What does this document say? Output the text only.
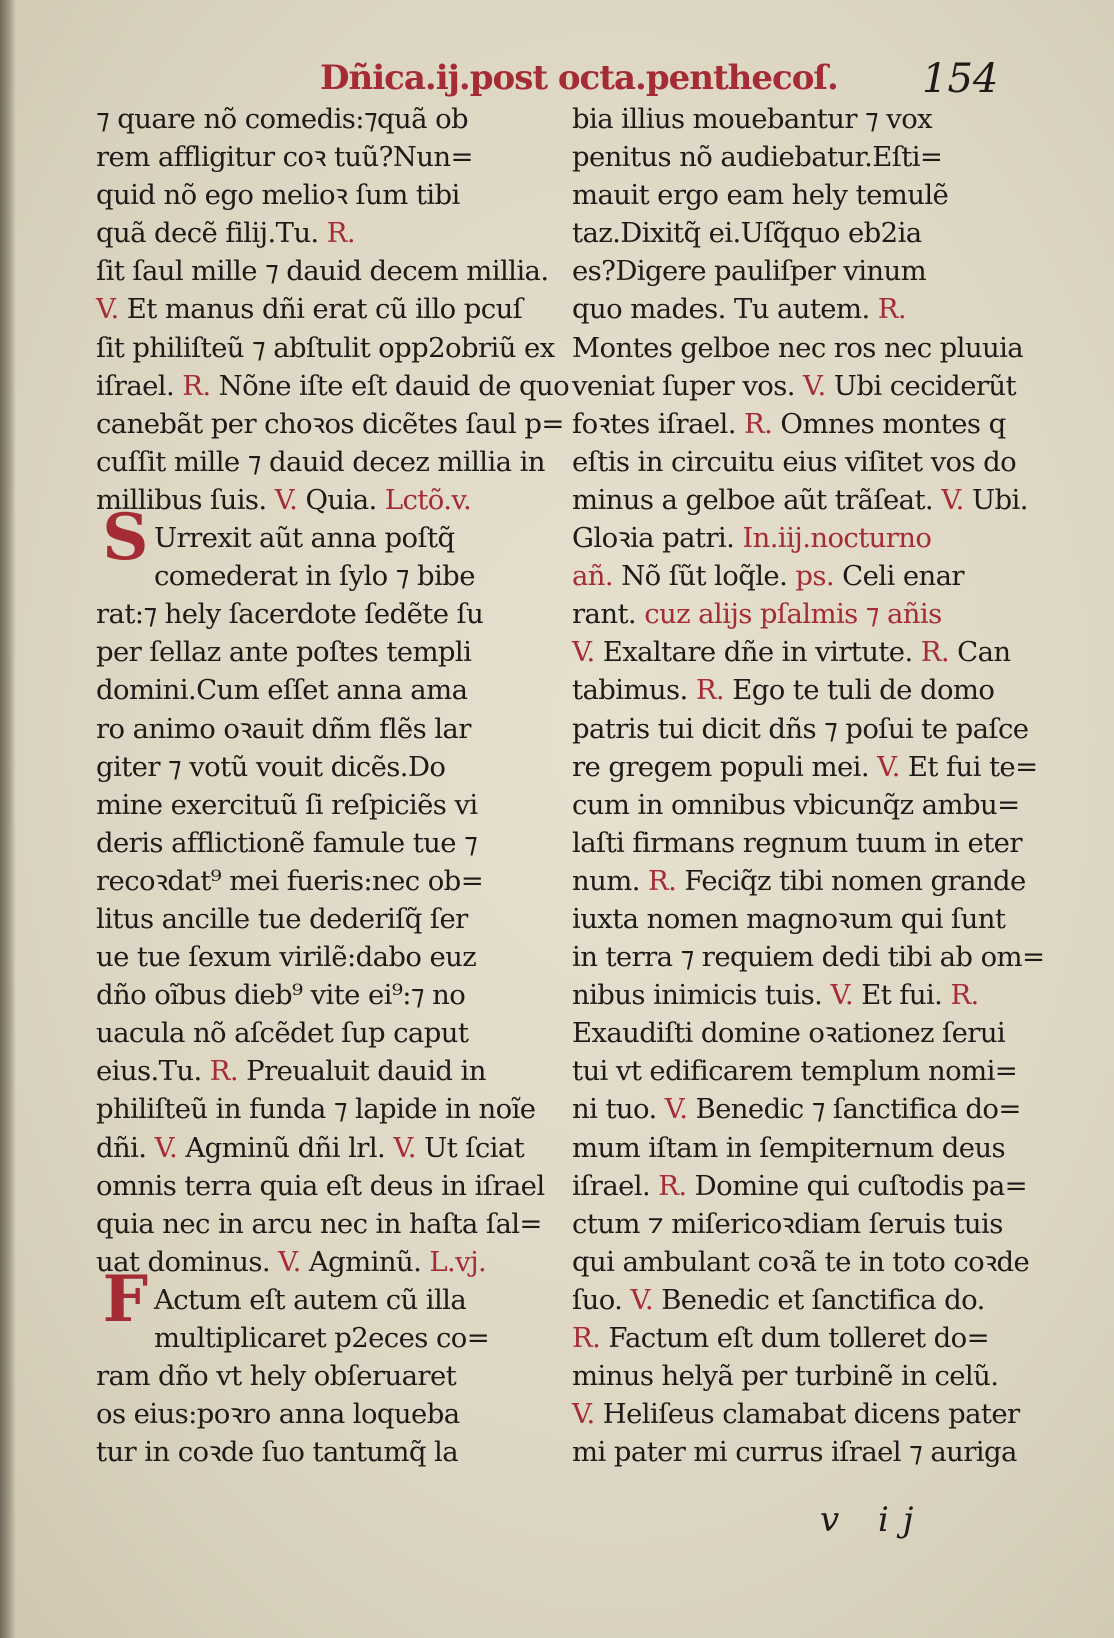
Dñica.ij.post octa.penthecoſ. 154
⁊ quare nõ comedis:⁊quã ob
rem affligitur coꝛ tuũ?Nun=
quid nõ ego melioꝛ ſum tibi
quã decẽ filij.Tu. R.
ſit ſaul mille ⁊ dauid decem millia.
V. Et manus dñi erat cũ illo pcuſ
ſit philiſteũ ⁊ abſtulit opp2obriũ ex
iſrael. R. Nõne iſte eſt dauid de quo
canebãt per choꝛos dicẽtes ſaul p=
cuſſit mille ⁊ dauid decez millia in
millibus ſuis. V. Quia. Lctõ.v.
S Urrexit aũt anna poſtq̃
comederat in ſylo ⁊ bibe
rat:⁊ hely ſacerdote ſedẽte ſu
per ſellaz ante poſtes templi
domini.Cum eſſet anna ama
ro animo oꝛauit dñm flẽs lar
giter ⁊ votũ vouit dicẽs.Do
mine exercituũ ſi reſpiciẽs vi
deris afflictionẽ famule tue ⁊
recoꝛdat⁹ mei fueris:nec ob=
litus ancille tue dederiſq̃ ſer
ue tue ſexum virilẽ:dabo euz
dño oĩbus dieb⁹ vite ei⁹:⁊ no
uacula nõ aſcẽdet ſup caput
eius.Tu. R. Preualuit dauid in
philiſteũ in funda ⁊ lapide in noĩe
dñi. V. Agminũ dñi lrl. V. Ut ſciat
omnis terra quia eſt deus in iſrael
quia nec in arcu nec in haſta ſal=
uat dominus. V. Agminũ. L.vj.
F Actum eſt autem cũ illa
multiplicaret p2eces co=
ram dño vt hely obſeruaret
os eius:poꝛro anna loqueba
tur in coꝛde ſuo tantumq̃ la
bia illius mouebantur ⁊ vox
penitus nõ audiebatur.Eſti=
mauit ergo eam hely temulẽ
taz.Dixitq̃ ei.Uſq̃quo eb2ia
es?Digere pauliſper vinum
quo mades. Tu autem. R.
Montes gelboe nec ros nec pluuia
veniat ſuper vos. V. Ubi ceciderũt
foꝛtes iſrael. R. Omnes montes q
eſtis in circuitu eius viſitet vos do
minus a gelboe aũt trãſeat. V. Ubi.
Gloꝛia patri. In.iij.nocturno
añ. Nõ ſũt loq̃le. ps. Celi enar
rant. cuz alijs pſalmis ⁊ añis
V. Exaltare dñe in virtute. R. Can
tabimus. R. Ego te tuli de domo
patris tui dicit dñs ⁊ poſui te paſce
re gregem populi mei. V. Et fui te=
cum in omnibus vbicunq̃z ambu=
laſti firmans regnum tuum in eter
num. R. Feciq̃z tibi nomen grande
iuxta nomen magnoꝛum qui ſunt
in terra ⁊ requiem dedi tibi ab om=
nibus inimicis tuis. V. Et fui. R.
Exaudiſti domine oꝛationez ſerui
tui vt edificarem templum nomi=
ni tuo. V. Benedic ⁊ ſanctifica do=
mum iſtam in ſempiternum deus
iſrael. R. Domine qui cuſtodis pa=
ctum ⁊ miſericoꝛdiam ſeruis tuis
qui ambulant coꝛã te in toto coꝛde
ſuo. V. Benedic et ſanctifica do.
R. Factum eſt dum tolleret do=
minus helyã per turbinẽ in celũ.
V. Heliſeus clamabat dicens pater
mi pater mi currus iſrael ⁊ auriga
v ij
